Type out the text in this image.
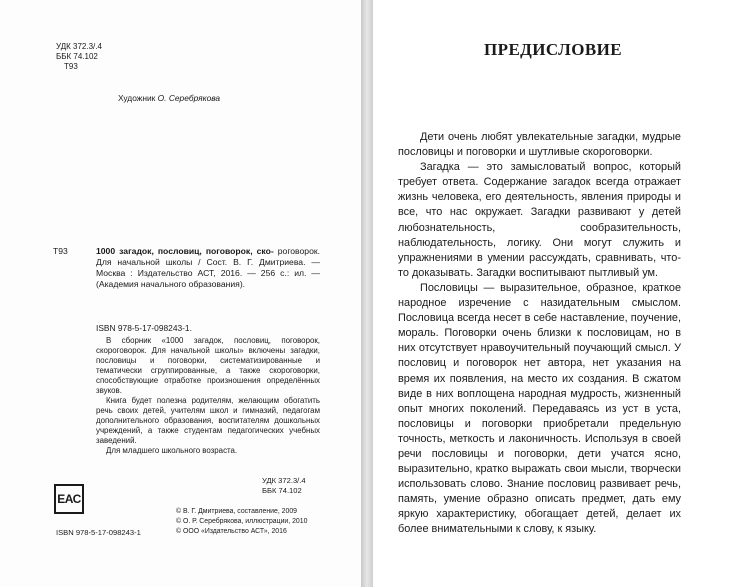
УДК 372.3/.4
ББК 74.102
Т93
Художник О. Серебрякова
Т93	1000 загадок, пословиц, поговорок, ско- роговорок. Для начальной школы / Сост. В. Г. Дмитриева. — Москва : Издательство АСТ, 2016. — 256 с.: ил. — (Академия начального образования).
ISBN 978-5-17-098243-1.

В сборник «1000 загадок, пословиц, поговорок, скороговорок. Для начальной школы» включены загадки, пословицы и поговорки, систематизированные и тематически сгруппированные, а также скороговорки, способствующие отработке произношения определённых звуков.

Книга будет полезна родителям, желающим обогатить речь своих детей, учителям школ и гимназий, педагогам дополнительного образования, воспитателям дошкольных учреждений, а также студентам педагогических учебных заведений.

Для младшего школьного возраста.

УДК 372.3/.4
ББК 74.102
ЕАС
© В. Г. Дмитриева, составление, 2009
© О. Р. Серебрякова, иллюстрации, 2010
© ООО «Издательство АСТ», 2016
ISBN 978-5-17-098243-1
ПРЕДИСЛОВИЕ

Дети очень любят увлекательные загадки, мудрые пословицы и поговорки и шутливые скороговорки.

Загадка — это замысловатый вопрос, который требует ответа. Содержание загадок всегда отражает жизнь человека, его деятельность, явления природы и все, что нас окружает. Загадки развивают у детей любознательность, сообразительность, наблюдательность, логику. Они могут служить и упражнениями в умении рассуждать, сравнивать, что-то доказывать. Загадки воспитывают пытливый ум.

Пословицы — выразительное, образное, краткое народное изречение с назидательным смыслом. Пословица всегда несет в себе наставление, поучение, мораль. Поговорки очень близки к пословицам, но в них отсутствует нравоучительный поучающий смысл. У пословиц и поговорок нет автора, нет указания на время их появления, на место их создания. В сжатом виде в них воплощена народная мудрость, жизненный опыт многих поколений. Передаваясь из уст в уста, пословицы и поговорки приобретали предельную точность, меткость и лаконичность. Используя в своей речи пословицы и поговорки, дети учатся ясно, выразительно, кратко выражать свои мысли, творчески использовать слово. Знание пословиц развивает речь, память, умение образно описать предмет, дать ему яркую характеристику, обогащает детей, делает их более внимательными к слову, к языку.
